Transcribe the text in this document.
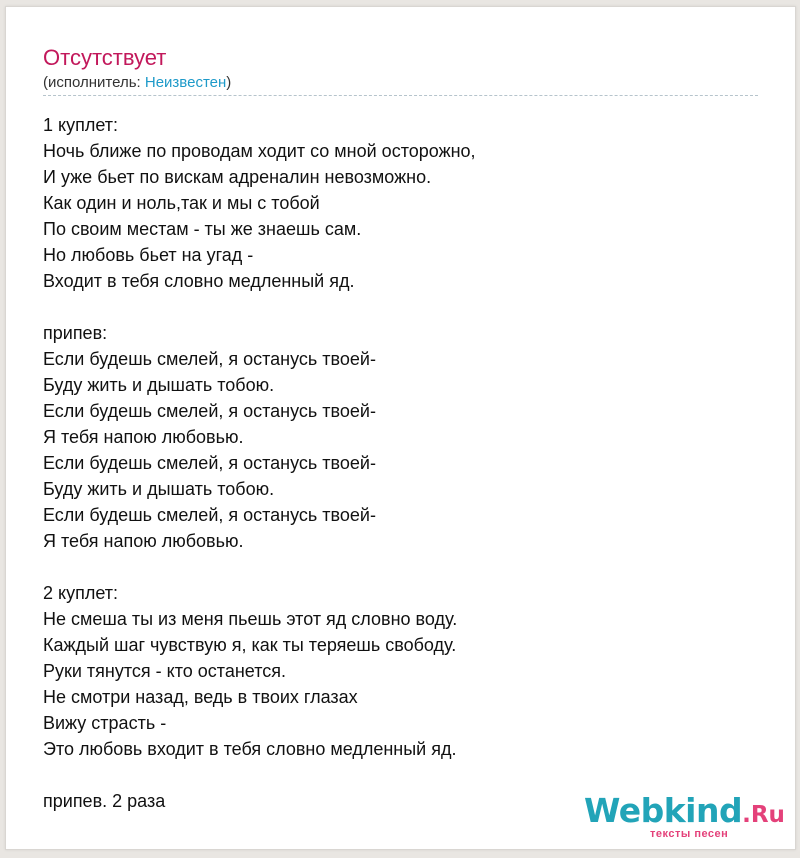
Отсутствует
(исполнитель: Неизвестен)
1 куплет:
Ночь ближе по проводам ходит со мной осторожно,
И уже бьет по вискам адреналин невозможно.
Как один и ноль,так и мы с тобой
По своим местам - ты же знаешь сам.
Но любовь бьет на угад -
Входит в тебя словно медленный яд.
припев:
Если будешь смелей, я останусь твоей-
Буду жить и дышать тобою.
Если будешь смелей, я останусь твоей-
Я тебя напою любовью.
Если будешь смелей, я останусь твоей-
Буду жить и дышать тобою.
Если будешь смелей, я останусь твоей-
Я тебя напою любовью.
2 куплет:
Не смеша ты из меня пьешь этот яд словно воду.
Каждый шаг чувствую я, как ты теряешь свободу.
Руки тянутся - кто останется.
Не смотри назад, ведь в твоих глазах
Вижу страсть -
Это любовь входит в тебя словно медленный яд.
припев. 2 раза	Webkind.Ru
тексты песен
